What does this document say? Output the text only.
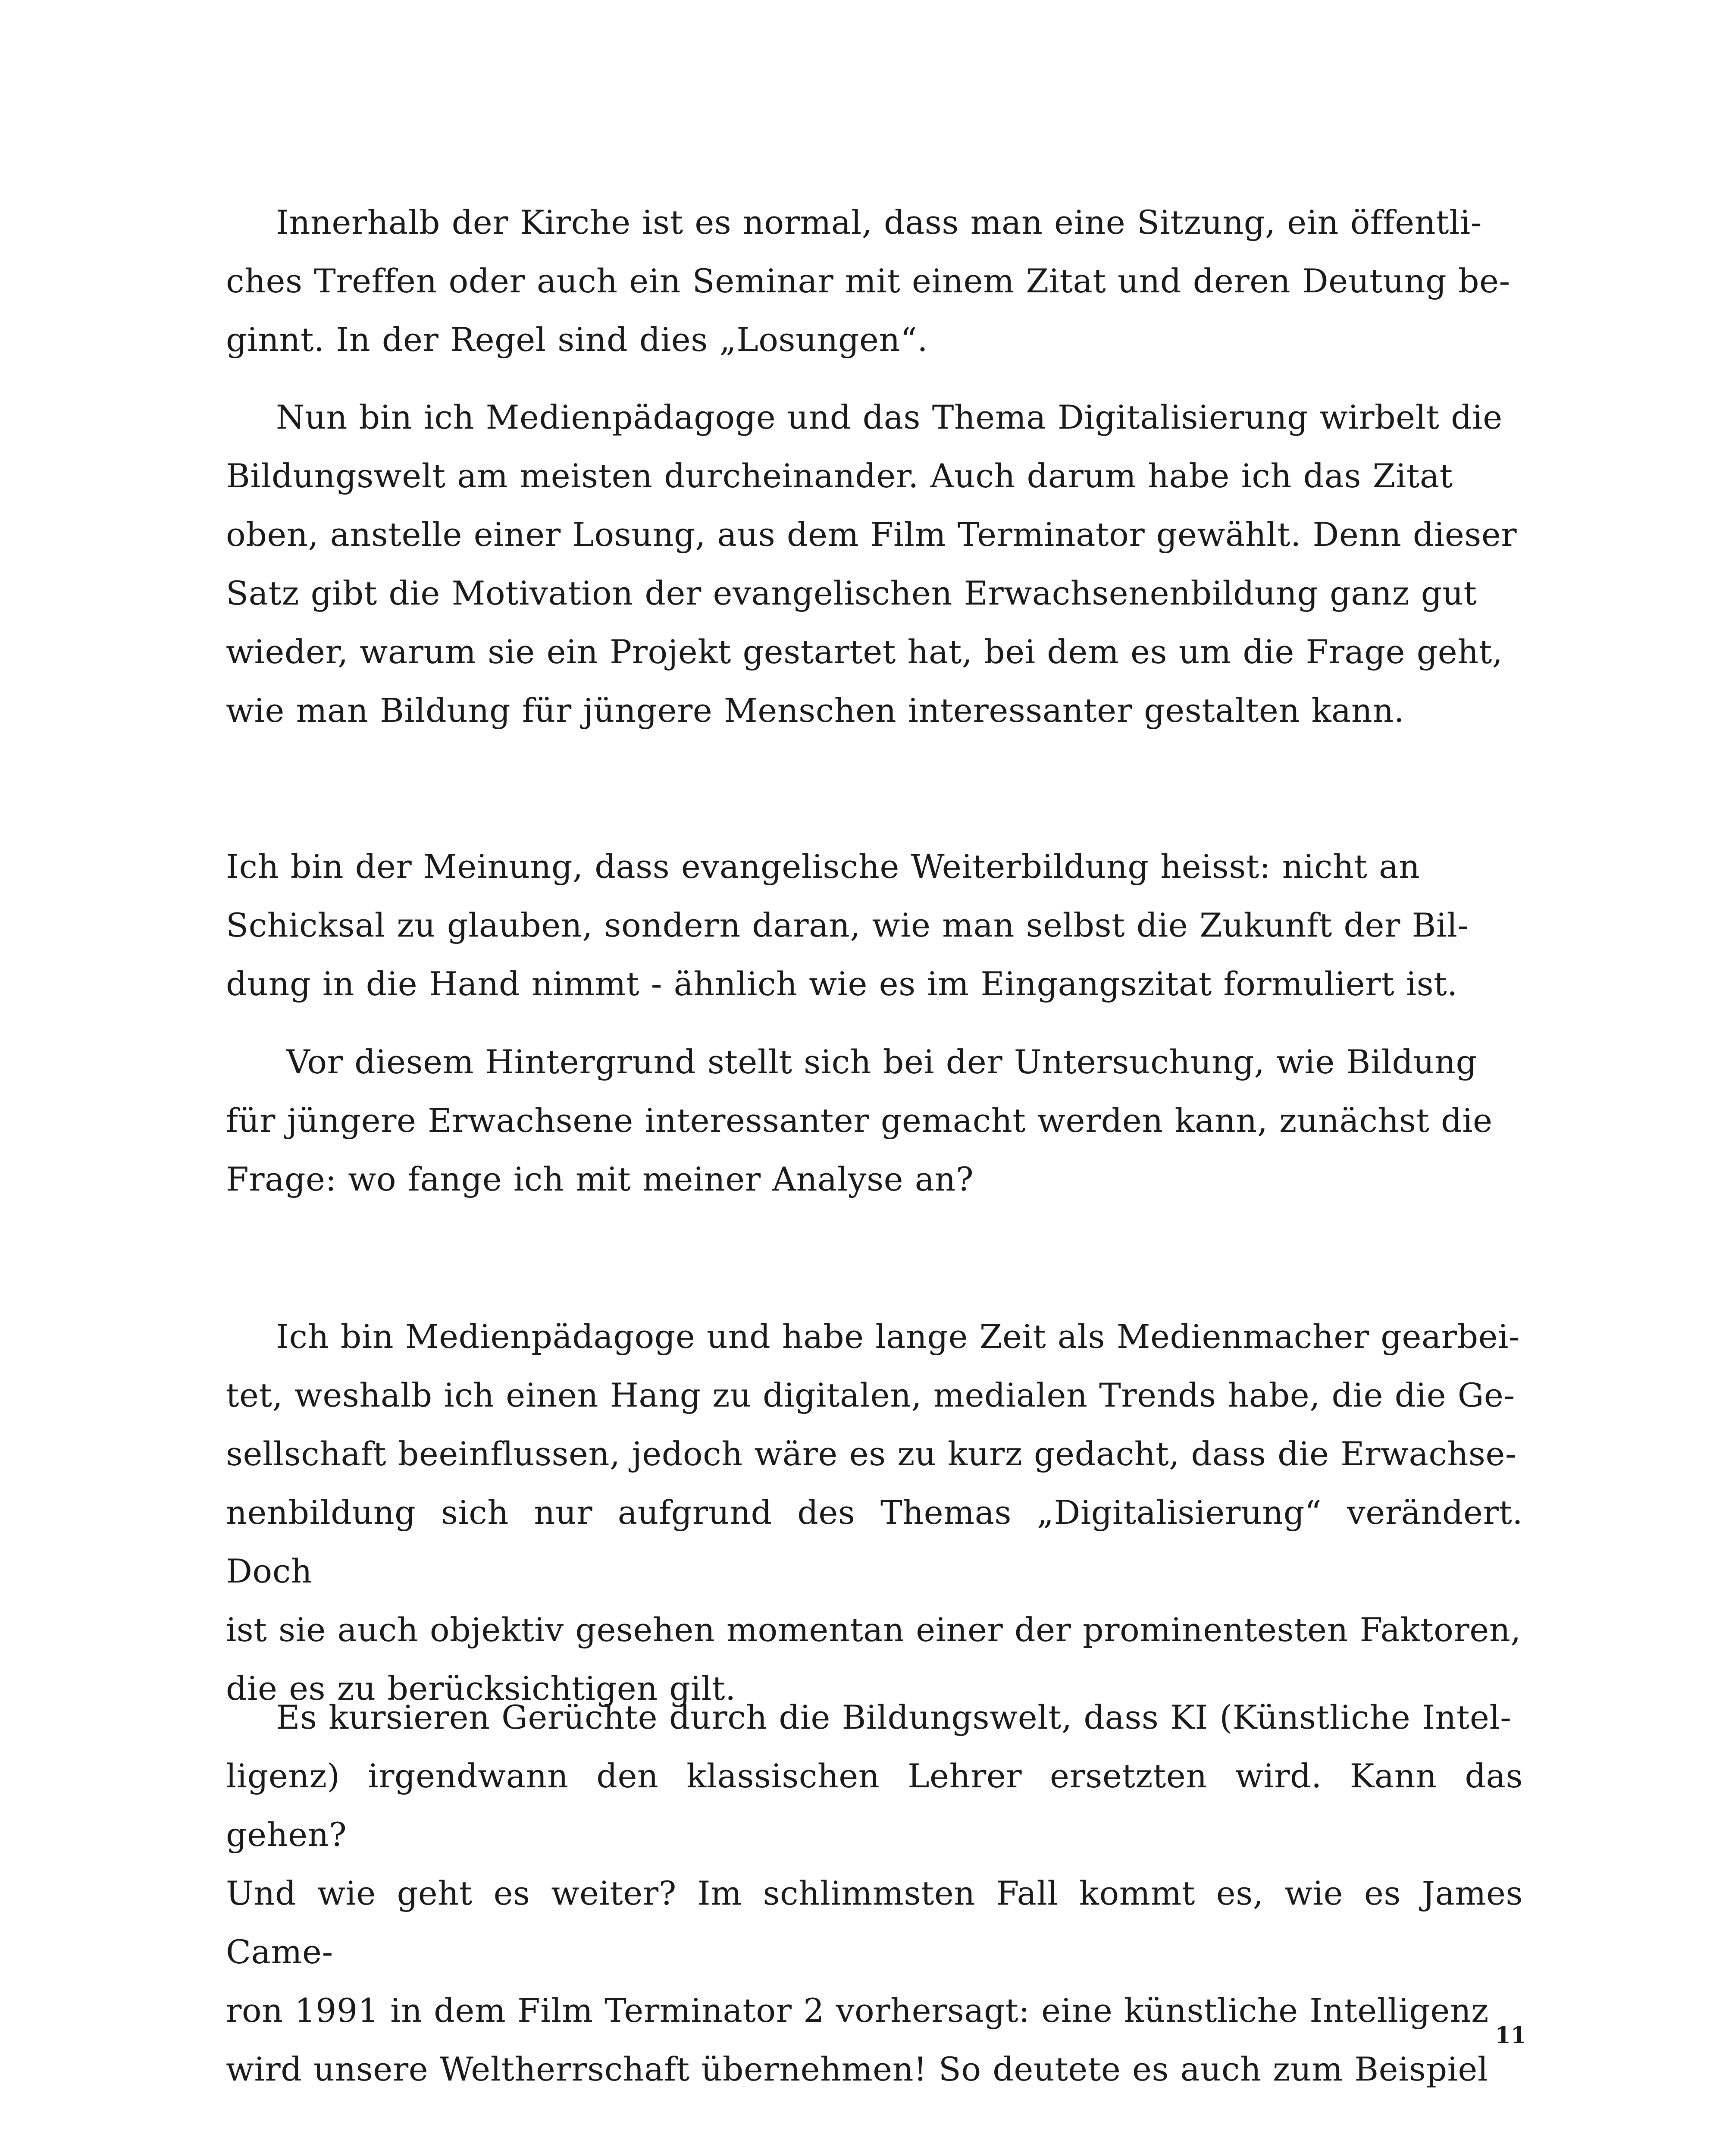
Innerhalb der Kirche ist es normal, dass man eine Sitzung, ein öffentli-
ches Treffen oder auch ein Seminar mit einem Zitat und deren Deutung be-
ginnt. In der Regel sind dies „Losungen“.

Nun bin ich Medienpädagoge und das Thema Digitalisierung wirbelt die
Bildungswelt am meisten durcheinander. Auch darum habe ich das Zitat
oben, anstelle einer Losung, aus dem Film Terminator gewählt. Denn dieser
Satz gibt die Motivation der evangelischen Erwachsenenbildung ganz gut
wieder, warum sie ein Projekt gestartet hat, bei dem es um die Frage geht,
wie man Bildung für jüngere Menschen interessanter gestalten kann.

Ich bin der Meinung, dass evangelische Weiterbildung heisst: nicht an
Schicksal zu glauben, sondern daran, wie man selbst die Zukunft der Bil-
dung in die Hand nimmt - ähnlich wie es im Eingangszitat formuliert ist.

Vor diesem Hintergrund stellt sich bei der Untersuchung, wie Bildung
für jüngere Erwachsene interessanter gemacht werden kann, zunächst die
Frage: wo fange ich mit meiner Analyse an?

Ich bin Medienpädagoge und habe lange Zeit als Medienmacher gearbei-
tet, weshalb ich einen Hang zu digitalen, medialen Trends habe, die die Ge-
sellschaft beeinflussen, jedoch wäre es zu kurz gedacht, dass die Erwachse-
nenbildung sich nur aufgrund des Themas „Digitalisierung“ verändert. Doch
ist sie auch objektiv gesehen momentan einer der prominentesten Faktoren,
die es zu berücksichtigen gilt.

Es kursieren Gerüchte durch die Bildungswelt, dass KI (Künstliche Intel-
ligenz) irgendwann den klassischen Lehrer ersetzten wird. Kann das gehen?
Und wie geht es weiter? Im schlimmsten Fall kommt es, wie es James Came-
ron 1991 in dem Film Terminator 2 vorhersagt: eine künstliche Intelligenz
wird unsere Weltherrschaft übernehmen! So deutete es auch zum Beispiel

11
